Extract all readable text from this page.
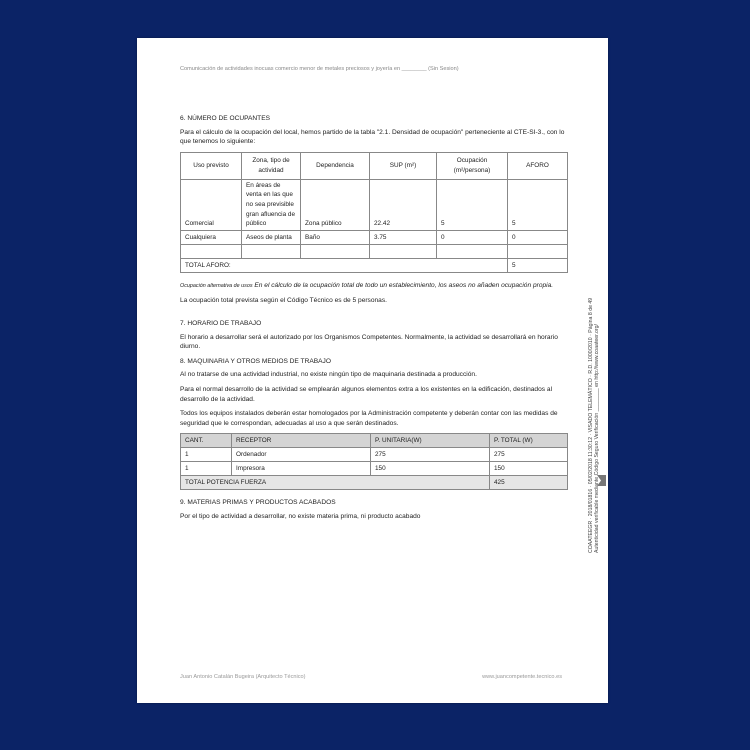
Comunicación de actividades inocuas comercio menor de metales preciosos y joyería en ________ (Sin Sesion)
6. NÚMERO DE OCUPANTES

Para el cálculo de la ocupación del local, hemos partido de la tabla "2.1. Densidad de ocupación" perteneciente al CTE-SI-3., con lo que tenemos lo siguiente:

Uso previsto	Zona, tipo de actividad	Dependencia	SUP (m²)	Ocupación (m²/persona)	AFORO
Comercial	En áreas de venta en las que no sea previsible gran afluencia de público	Zona público	22.42	5	5
Cualquiera	Aseos de planta	Baño	3.75	0	0

TOTAL AFORO:					5

Ocupación alternativa de usos En el cálculo de la ocupación total de todo un establecimiento, los aseos no añaden ocupación propia.

La ocupación total prevista según el Código Técnico es de 5 personas.

7. HORARIO DE TRABAJO

El horario a desarrollar será el autorizado por los Organismos Competentes. Normalmente, la actividad se desarrollará en horario diurno.

8. MAQUINARIA Y OTROS MEDIOS DE TRABAJO

Al no tratarse de una actividad industrial, no existe ningún tipo de maquinaria destinada a producción.

Para el normal desarrollo de la actividad se emplearán algunos elementos extra a los existentes en la edificación, destinados al desarrollo de la actividad.

Todos los equipos instalados deberán estar homologados por la Administración competente y deberán contar con las medidas de seguridad que le correspondan, adecuadas al uso a que serán destinados.

CANT.	RECEPTOR	P. UNITARIA(W)	P. TOTAL (W)
1	Ordenador	275	275
1	Impresora	150	150
TOTAL POTENCIA FUERZA			425
9. MATERIAS PRIMAS Y PRODUCTOS ACABADOS

Por el tipo de actividad a desarrollar, no existe materia prima, ni producto acabado	COAATEEGR · 2018/01816 · 05/02/2018 11:30:12 · VISADO TELEMÁTICO · R.D. 1000/2010 · Página 8 de 49 Autenticidad verificable mediante Código Seguro Verificación ________ en http://www.coaateer.org/
Juan Antonio Catalán Bugeira (Arquitecto Técnico)	www.juancompetente.tecnico.es
